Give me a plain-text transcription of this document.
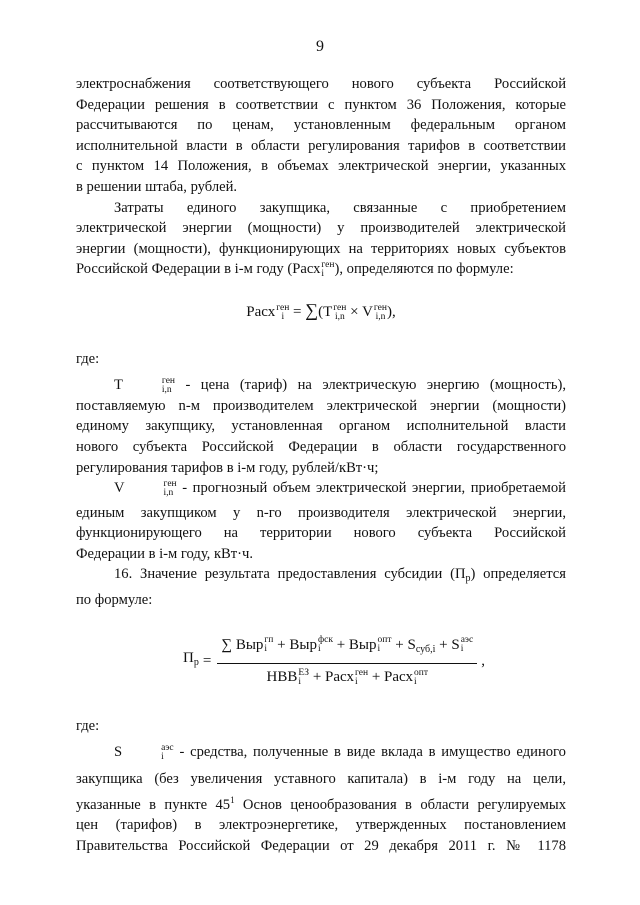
9

электроснабжения соответствующего нового субъекта Российской

Федерации решения в соответствии с пунктом 36 Положения, которые

рассчитываются по ценам, установленным федеральным органом

исполнительной власти в области регулирования тарифов в соответствии

с пунктом 14 Положения, в объемах электрической энергии, указанных

в решении штаба, рублей.

Затраты единого закупщика, связанные с приобретением

электрической энергии (мощности) у производителей электрической

энергии (мощности), функционирующих на территориях новых субъектов

Российской Федерации в i-м году (Расх ген
i ), определяются по формуле:

Расх ген
i = ∑(T ген
i,n × V ген
i,n ),

где:

T	ген
i,n - цена (тариф) на электрическую энергию (мощность),

поставляемую n-м производителем электрической энергии (мощности)

единому закупщику, установленная органом исполнительной власти

нового субъекта Российской Федерации в области государственного

регулирования тарифов в i-м году, рублей/кВт·ч;

V	ген
i,n - прогнозный объем электрической энергии, приобретаемой

единым закупщиком у n-го производителя электрической энергии,

функционирующего на территории нового субъекта Российской

Федерации в i-м году, кВт·ч.

16. Значение результата предоставления субсидии $(П_р)$ определяется

по формуле:

$П_р$ =
∑ Выр гп
i + Выр фск
i	+ Выр опт
i	+ $S_{суб,i} + S$ аэс
i
НВВ ЕЗ
i + Расх ген
i + Расх опт
i
,

где:

S	аэс
i	- средства, полученные в виде вклада в имущество единого

закупщика (без увеличения уставного капитала) в i-м году на цели,

указанные в пункте 45$^1$ Основ ценообразования в области регулируемых

цен (тарифов) в электроэнергетике, утвержденных постановлением

Правительства Российской Федерации от 29 декабря 2011 г. № 1178
